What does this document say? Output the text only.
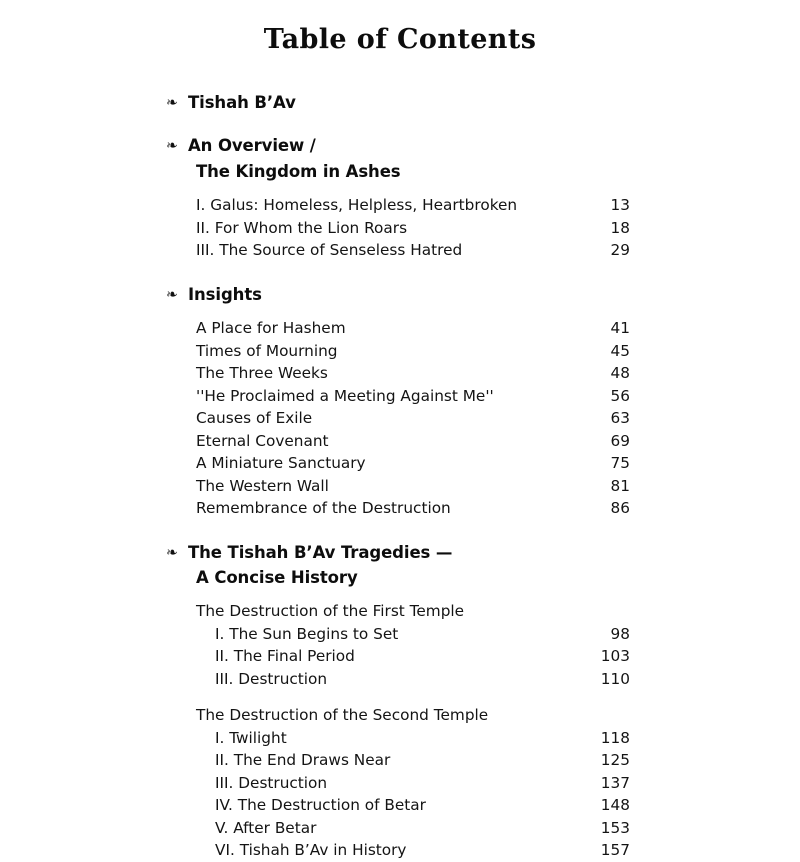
Table of Contents
❧ Tishah B’Av
❧ An Overview /
The Kingdom in Ashes
I. Galus: Homeless, Helpless, Heartbroken	13
II. For Whom the Lion Roars	18
III. The Source of Senseless Hatred	29
❧ Insights
A Place for Hashem	41
Times of Mourning	45
The Three Weeks	48
''He Proclaimed a Meeting Against Me''	56
Causes of Exile	63
Eternal Covenant	69
A Miniature Sanctuary	75
The Western Wall	81
Remembrance of the Destruction	86
❧ The Tishah B’Av Tragedies —
A Concise History
The Destruction of the First Temple
I. The Sun Begins to Set	98
II. The Final Period	103
III. Destruction	110
The Destruction of the Second Temple
I. Twilight	118
II. The End Draws Near	125
III. Destruction	137
IV. The Destruction of Betar	148
V. After Betar	153
VI. Tishah B’Av in History	157
